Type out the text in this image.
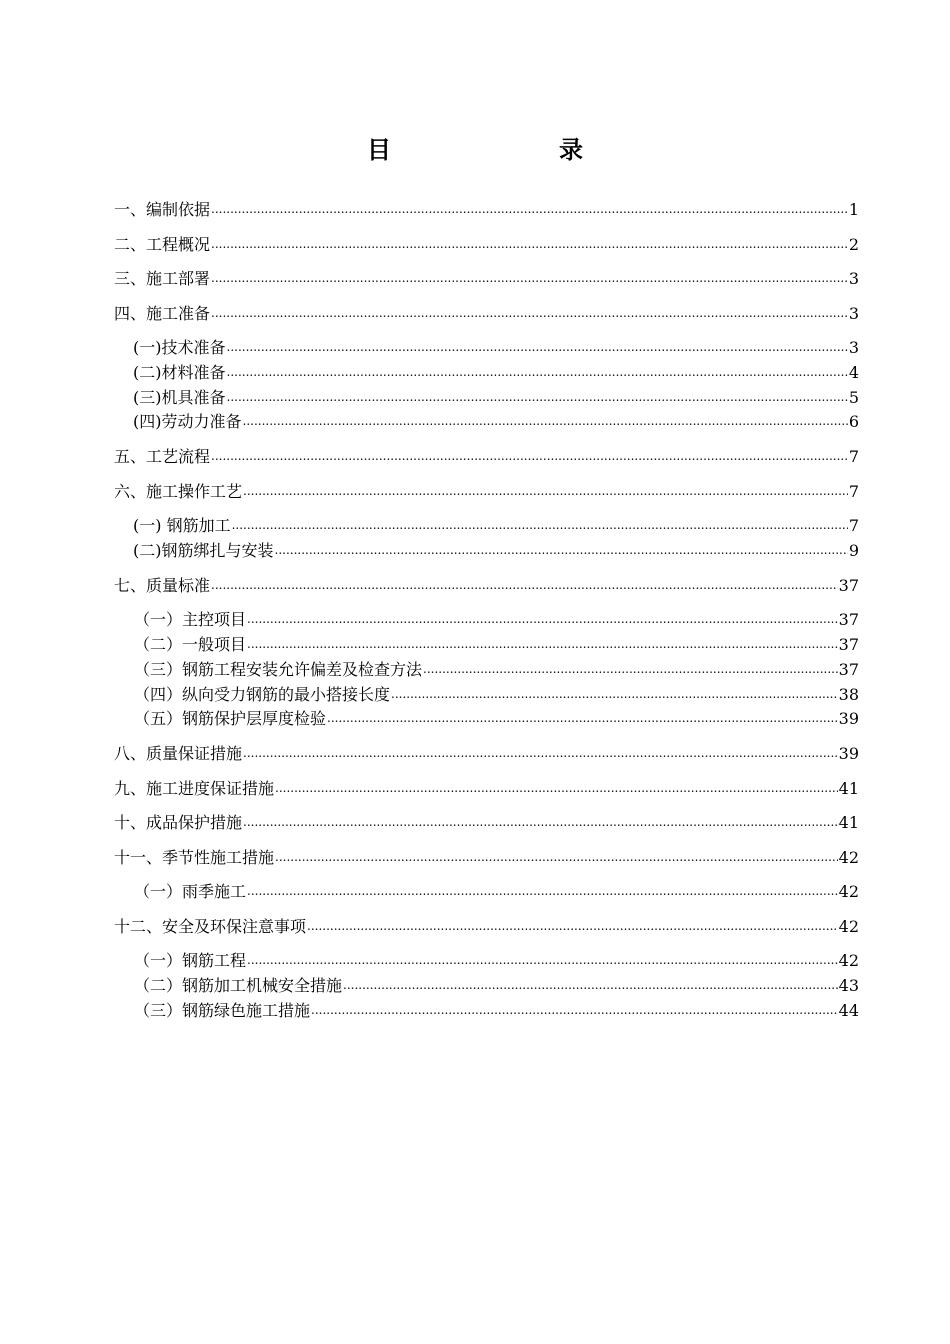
目　录
一、编制依据 .....	1
二、工程概况 .....	2
三、施工部署 .....	3
四、施工准备 .....	3
(一)技术准备 .....	3
(二)材料准备 .....	4
(三)机具准备 .....	5
(四)劳动力准备 .....	6
五、工艺流程 .....	7
六、施工操作工艺 .....	7
(一) 钢筋加工 .....	7
(二)钢筋绑扎与安装 .....	9
七、质量标准 .....	37
（一）主控项目 .....	37
（二）一般项目 .....	37
（三）钢筋工程安装允许偏差及检查方法 .....	37
（四）纵向受力钢筋的最小搭接长度 .....	38
（五）钢筋保护层厚度检验 .....	39
八、质量保证措施 .....	39
九、施工进度保证措施 .....	41
十、成品保护措施 .....	41
十一、季节性施工措施 .....	42
（一）雨季施工 .....	42
十二、安全及环保注意事项 .....	42
（一）钢筋工程 .....	42
（二）钢筋加工机械安全措施 .....	43
（三）钢筋绿色施工措施 .....	44
